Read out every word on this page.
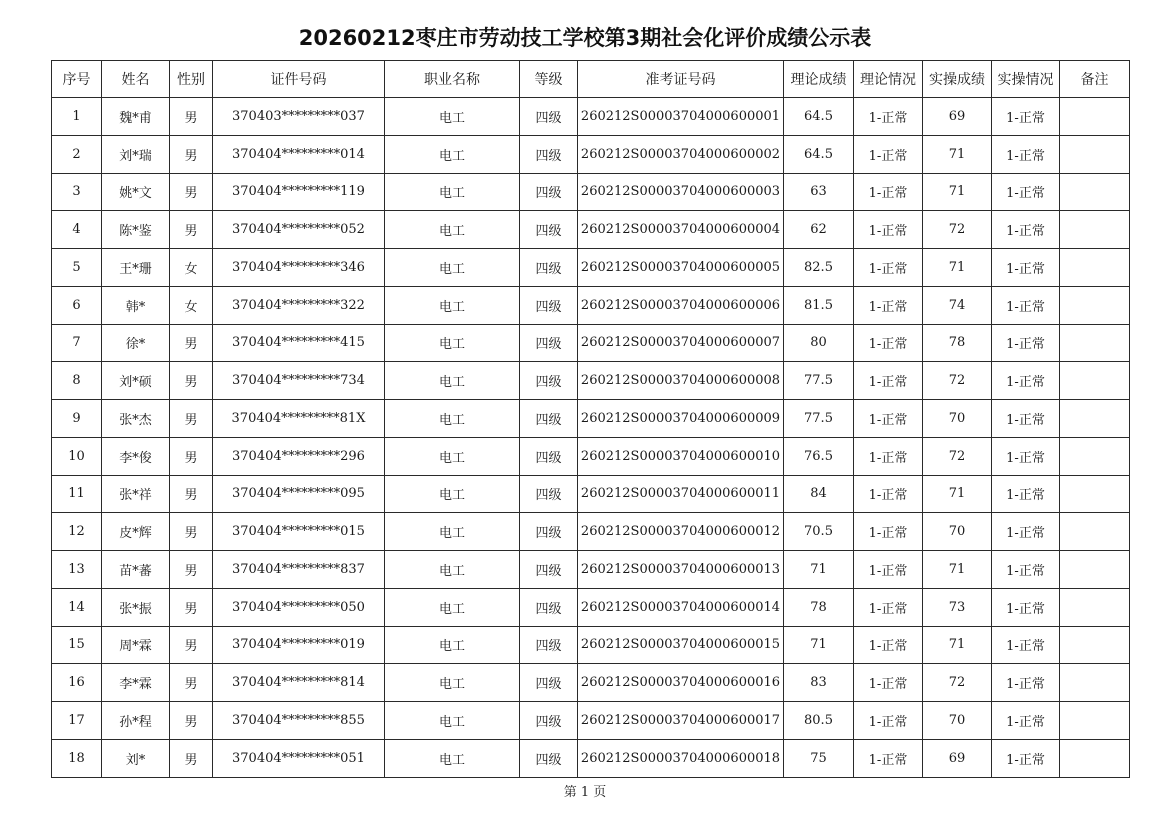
20260212枣庄市劳动技工学校第3期社会化评价成绩公示表
序号	姓名	性别	证件号码	职业名称	等级	准考证号码	理论成绩	理论情况	实操成绩	实操情况	备注
1	魏*甫	男	370403*********037	电工	四级	260212S00003704000600001	64.5	1-正常	69	1-正常	
2	刘*瑞	男	370404*********014	电工	四级	260212S00003704000600002	64.5	1-正常	71	1-正常	
3	姚*文	男	370404*********119	电工	四级	260212S00003704000600003	63	1-正常	71	1-正常	
4	陈*鉴	男	370404*********052	电工	四级	260212S00003704000600004	62	1-正常	72	1-正常	
5	王*珊	女	370404*********346	电工	四级	260212S00003704000600005	82.5	1-正常	71	1-正常	
6	韩*	女	370404*********322	电工	四级	260212S00003704000600006	81.5	1-正常	74	1-正常	
7	徐*	男	370404*********415	电工	四级	260212S00003704000600007	80	1-正常	78	1-正常	
8	刘*硕	男	370404*********734	电工	四级	260212S00003704000600008	77.5	1-正常	72	1-正常	
9	张*杰	男	370404*********81X	电工	四级	260212S00003704000600009	77.5	1-正常	70	1-正常	
10	李*俊	男	370404*********296	电工	四级	260212S00003704000600010	76.5	1-正常	72	1-正常	
11	张*祥	男	370404*********095	电工	四级	260212S00003704000600011	84	1-正常	71	1-正常	
12	皮*辉	男	370404*********015	电工	四级	260212S00003704000600012	70.5	1-正常	70	1-正常	
13	苗*蕃	男	370404*********837	电工	四级	260212S00003704000600013	71	1-正常	71	1-正常	
14	张*振	男	370404*********050	电工	四级	260212S00003704000600014	78	1-正常	73	1-正常	
15	周*霖	男	370404*********019	电工	四级	260212S00003704000600015	71	1-正常	71	1-正常	
16	李*霖	男	370404*********814	电工	四级	260212S00003704000600016	83	1-正常	72	1-正常	
17	孙*程	男	370404*********855	电工	四级	260212S00003704000600017	80.5	1-正常	70	1-正常	
18	刘*	男	370404*********051	电工	四级	260212S00003704000600018	75	1-正常	69	1-正常	
第 1 页
